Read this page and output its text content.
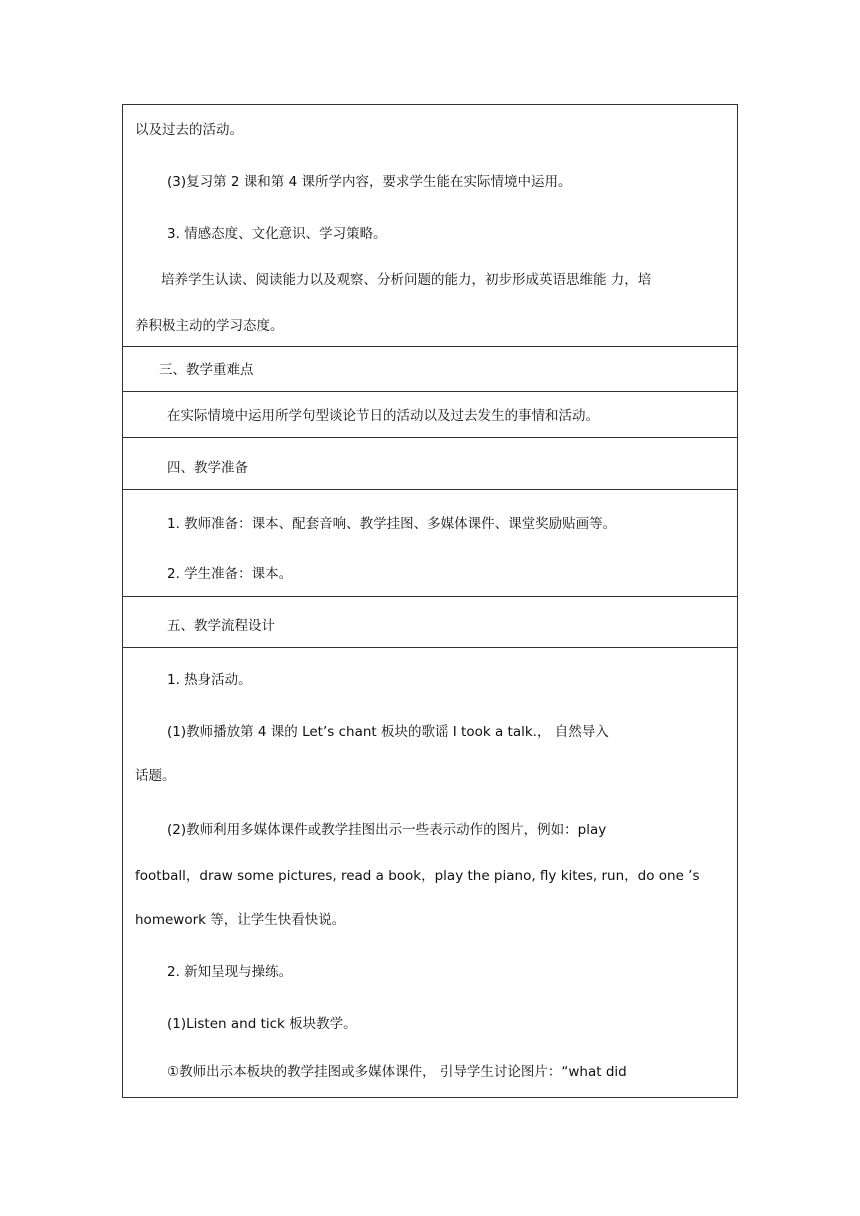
以及过去的活动。
(3)复习第 2 课和第 4 课所学内容，要求学生能在实际情境中运用。
3. 情感态度、文化意识、学习策略。
培养学生认读、阅读能力以及观察、分析问题的能力，初步形成英语思维能 力，培
养积极主动的学习态度。
三、教学重难点
在实际情境中运用所学句型谈论节日的活动以及过去发生的事情和活动。
四、教学准备
1. 教师准备：课本、配套音响、教学挂图、多媒体课件、课堂奖励贴画等。
2. 学生准备：课本。
五、教学流程设计
1. 热身活动。
(1)教师播放第 4 课的 Let’s chant 板块的歌谣 I took a talk.， 自然导入
话题。
(2)教师利用多媒体课件或教学挂图出示一些表示动作的图片，例如：play
football，draw some pictures, read a book，play the piano, fly kites, run，do one ’s
homework 等，让学生快看快说。
2. 新知呈现与操练。
(1)Listen and tick 板块教学。
①教师出示本板块的教学挂图或多媒体课件， 引导学生讨论图片：“what did
